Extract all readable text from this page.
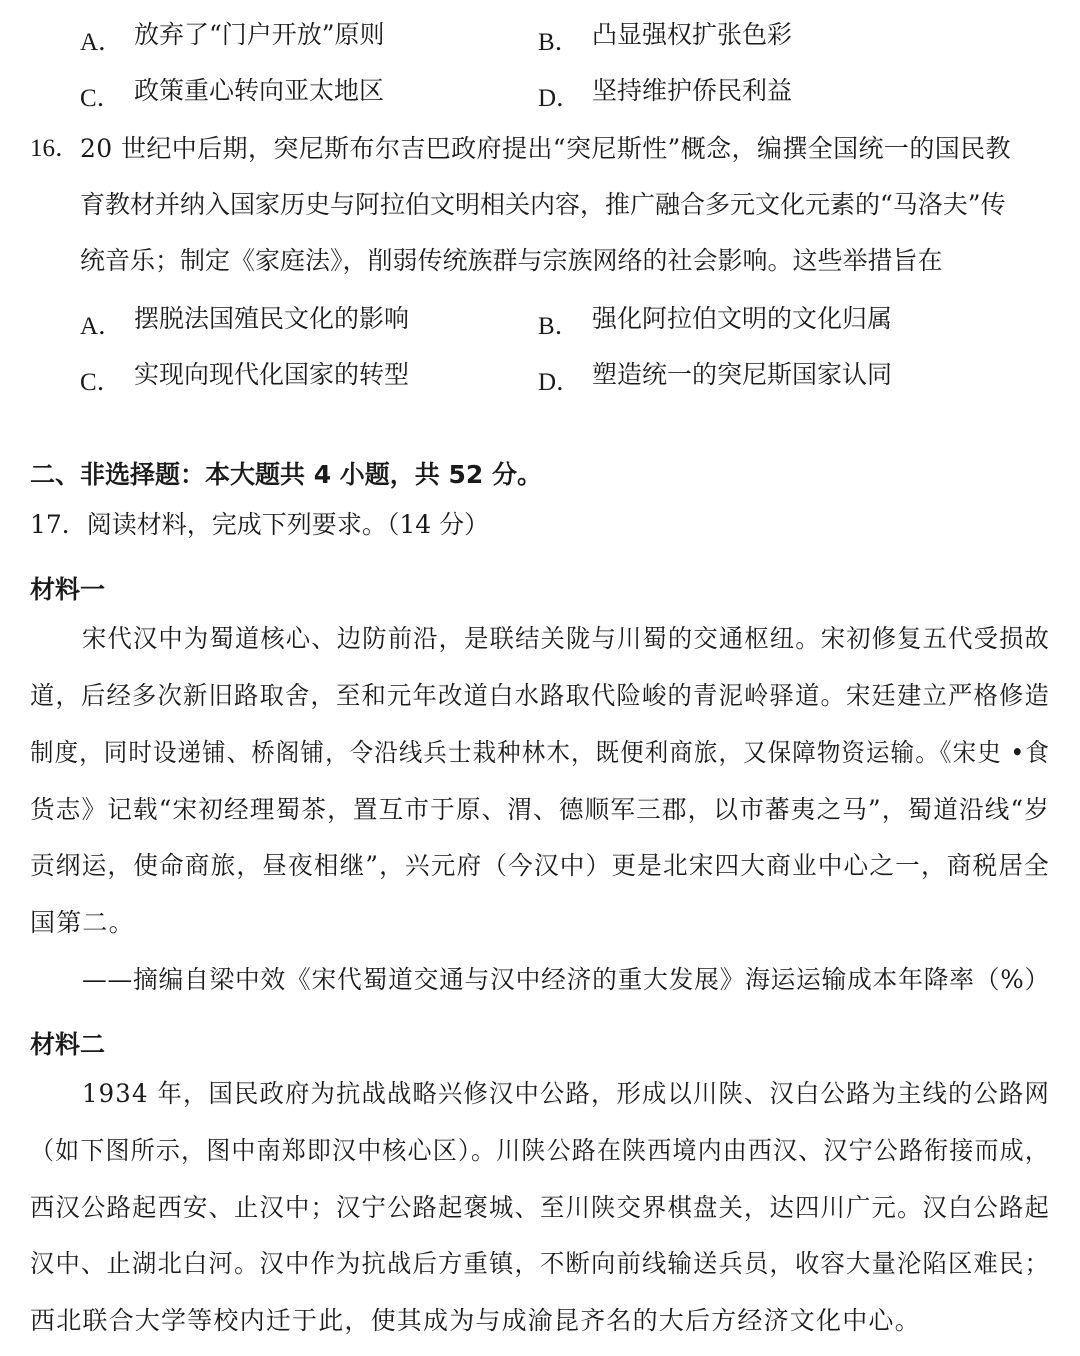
A． 放弃了“门户开放”原则	B． 凸显强权扩张色彩
C． 政策重心转向亚太地区	D． 坚持维护侨民利益
16． 20 世纪中后期，突尼斯布尔吉巴政府提出“突尼斯性”概念，编撰全国统一的国民教
育教材并纳入国家历史与阿拉伯文明相关内容，推广融合多元文化元素的“马洛夫”传
统音乐；制定《家庭法》，削弱传统族群与宗族网络的社会影响。这些举措旨在
A． 摆脱法国殖民文化的影响	B． 强化阿拉伯文明的文化归属
C． 实现向现代化国家的转型	D． 塑造统一的突尼斯国家认同
二、非选择题：本大题共 4 小题，共 52 分。
17．阅读材料，完成下列要求。（14 分）
材料一
宋代汉中为蜀道核心、边防前沿，是联结关陇与川蜀的交通枢纽。宋初修复五代受损故
道，后经多次新旧路取舍，至和元年改道白水路取代险峻的青泥岭驿道。宋廷建立严格修造
制度，同时设递铺、桥阁铺，令沿线兵士栽种林木，既便利商旅，又保障物资运输。《宋史 •食
货志》记载“宋初经理蜀茶，置互市于原、渭、德顺军三郡，以市蕃夷之马”，蜀道沿线“岁
贡纲运，使命商旅，昼夜相继”，兴元府（今汉中）更是北宋四大商业中心之一，商税居全
国第二。
——摘编自梁中效《宋代蜀道交通与汉中经济的重大发展》海运运输成本年降率（%）
材料二
1934 年，国民政府为抗战战略兴修汉中公路，形成以川陕、汉白公路为主线的公路网
（如下图所示，图中南郑即汉中核心区）。川陕公路在陕西境内由西汉、汉宁公路衔接而成，
西汉公路起西安、止汉中；汉宁公路起褒城、至川陕交界棋盘关，达四川广元。汉白公路起
汉中、止湖北白河。汉中作为抗战后方重镇，不断向前线输送兵员，收容大量沦陷区难民；
西北联合大学等校内迁于此，使其成为与成渝昆齐名的大后方经济文化中心。
